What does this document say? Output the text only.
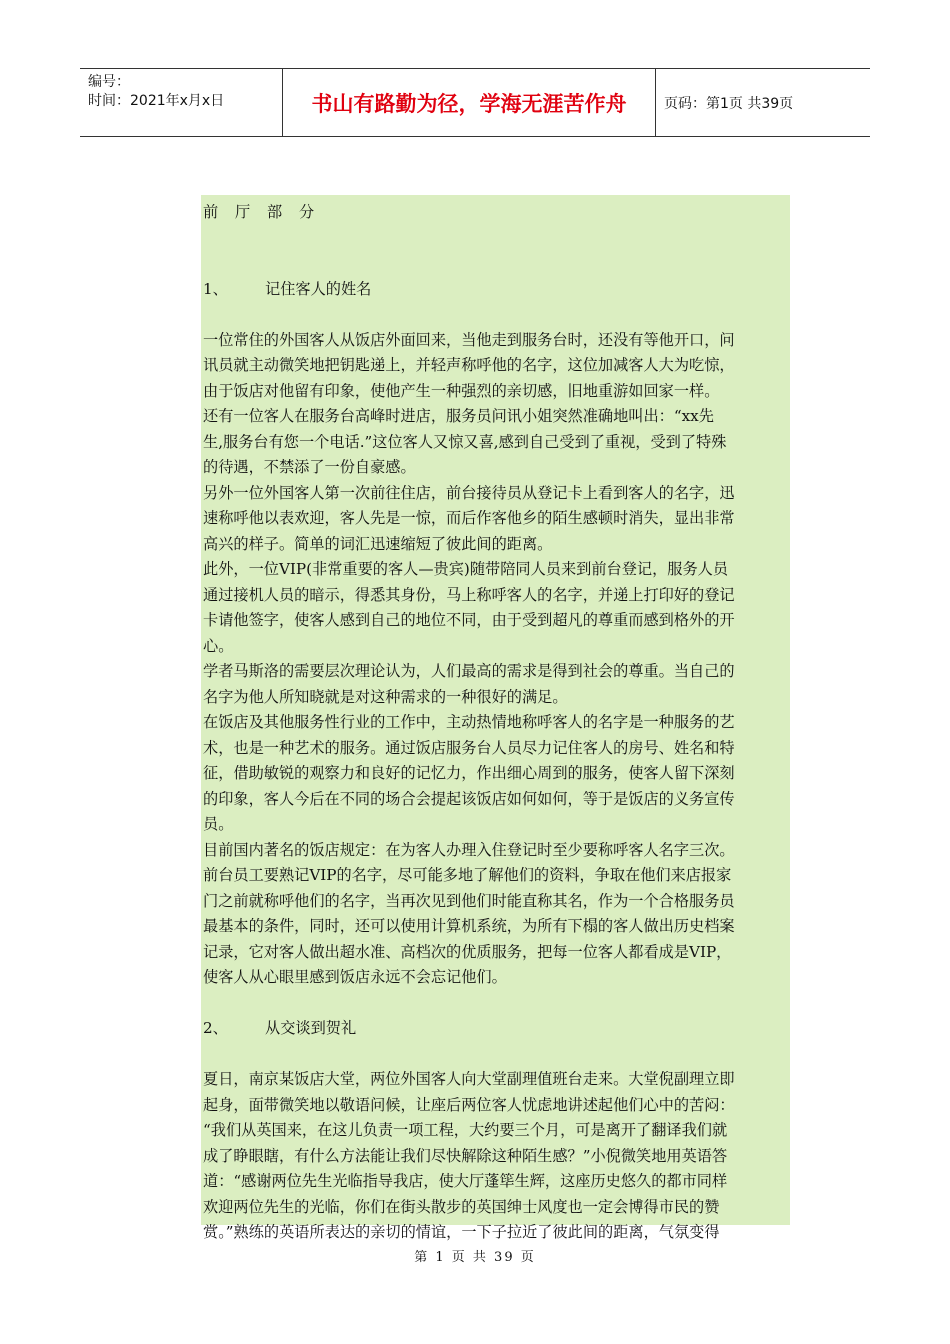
编号：
时间：2021年x月x日	书山有路勤为径，学海无涯苦作舟	页码：第1页 共39页
前 厅 部 分
1、	记住客人的姓名
一位常住的外国客人从饭店外面回来，当他走到服务台时，还没有等他开口，问
讯员就主动微笑地把钥匙递上，并轻声称呼他的名字，这位加减客人大为吃惊，
由于饭店对他留有印象，使他产生一种强烈的亲切感，旧地重游如回家一样。
还有一位客人在服务台高峰时进店，服务员问讯小姐突然准确地叫出：“xx先
生,服务台有您一个电话.”这位客人又惊又喜,感到自己受到了重视，受到了特殊
的待遇，不禁添了一份自豪感。
另外一位外国客人第一次前往住店，前台接待员从登记卡上看到客人的名字，迅
速称呼他以表欢迎，客人先是一惊，而后作客他乡的陌生感顿时消失，显出非常
高兴的样子。简单的词汇迅速缩短了彼此间的距离。
此外，一位VIP(非常重要的客人—贵宾)随带陪同人员来到前台登记，服务人员
通过接机人员的暗示，得悉其身份，马上称呼客人的名字，并递上打印好的登记
卡请他签字，使客人感到自己的地位不同，由于受到超凡的尊重而感到格外的开
心。
学者马斯洛的需要层次理论认为，人们最高的需求是得到社会的尊重。当自己的
名字为他人所知晓就是对这种需求的一种很好的满足。
在饭店及其他服务性行业的工作中，主动热情地称呼客人的名字是一种服务的艺
术，也是一种艺术的服务。通过饭店服务台人员尽力记住客人的房号、姓名和特
征，借助敏锐的观察力和良好的记忆力，作出细心周到的服务，使客人留下深刻
的印象，客人今后在不同的场合会提起该饭店如何如何，等于是饭店的义务宣传
员。
目前国内著名的饭店规定：在为客人办理入住登记时至少要称呼客人名字三次。
前台员工要熟记VIP的名字，尽可能多地了解他们的资料，争取在他们来店报家
门之前就称呼他们的名字，当再次见到他们时能直称其名，作为一个合格服务员
最基本的条件，同时，还可以使用计算机系统，为所有下榻的客人做出历史档案
记录，它对客人做出超水准、高档次的优质服务，把每一位客人都看成是VIP，
使客人从心眼里感到饭店永远不会忘记他们。
2、	从交谈到贺礼
夏日，南京某饭店大堂，两位外国客人向大堂副理值班台走来。大堂倪副理立即
起身，面带微笑地以敬语问候，让座后两位客人忧虑地讲述起他们心中的苦闷：
“我们从英国来，在这儿负责一项工程，大约要三个月，可是离开了翻译我们就
成了睁眼瞎，有什么方法能让我们尽快解除这种陌生感？”小倪微笑地用英语答
道：“感谢两位先生光临指导我店，使大厅蓬筚生辉，这座历史悠久的都市同样
欢迎两位先生的光临，你们在街头散步的英国绅士风度也一定会博得市民的赞
赏。”熟练的英语所表达的亲切的情谊，一下子拉近了彼此间的距离，气氛变得
第 1 页 共 39 页
